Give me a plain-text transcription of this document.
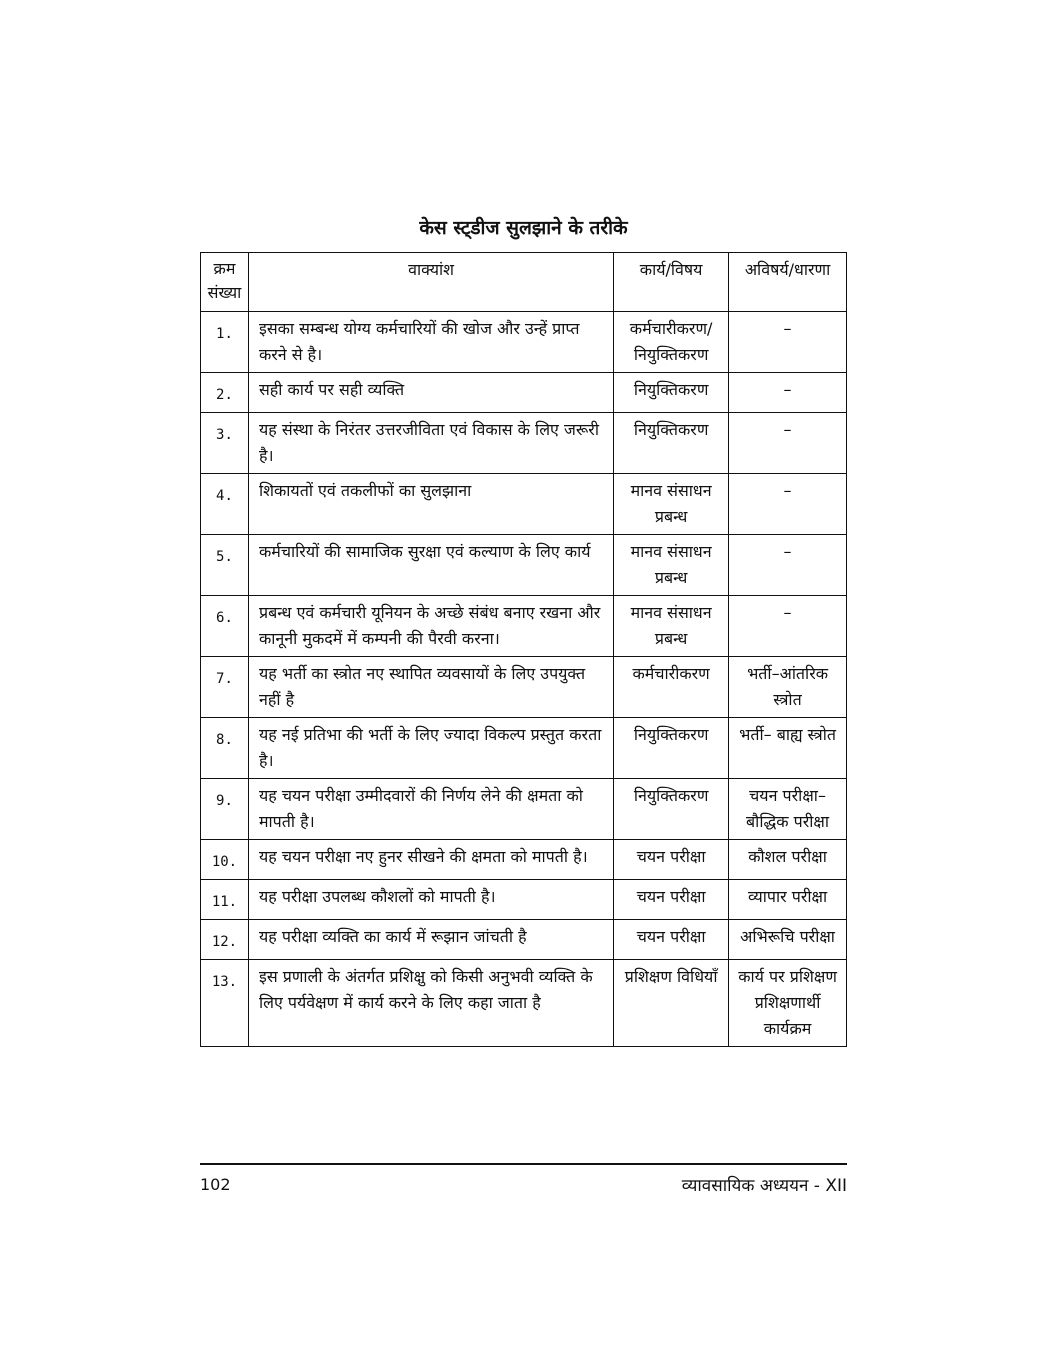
केस स्ट्डीज सुलझाने के तरीके
क्रम संख्या	वाक्यांश	कार्य/विषय	अविषर्य/धारणा
1.	इसका सम्बन्ध योग्य कर्मचारियों की खोज और उन्हें प्राप्त करने से है।	कर्मचारीकरण/ नियुक्तिकरण	–
2.	सही कार्य पर सही व्यक्ति	नियुक्तिकरण	–
3.	यह संस्था के निरंतर उत्तरजीविता एवं विकास के लिए जरूरी है।	नियुक्तिकरण	–
4.	शिकायतों एवं तकलीफों का सुलझाना	मानव संसाधन प्रबन्ध	–
5.	कर्मचारियों की सामाजिक सुरक्षा एवं कल्याण के लिए कार्य	मानव संसाधन प्रबन्ध	–
6.	प्रबन्ध एवं कर्मचारी यूनियन के अच्छे संबंध बनाए रखना और कानूनी मुकदमें में कम्पनी की पैरवी करना।	मानव संसाधन प्रबन्ध	–
7.	यह भर्ती का स्त्रोत नए स्थापित व्यवसायों के लिए उपयुक्त नहीं है	कर्मचारीकरण	भर्ती–आंतरिक स्त्रोत
8.	यह नई प्रतिभा की भर्ती के लिए ज्यादा विकल्प प्रस्तुत करता है।	नियुक्तिकरण	भर्ती– बाह्य स्त्रोत
9.	यह चयन परीक्षा उम्मीदवारों की निर्णय लेने की क्षमता को मापती है।	नियुक्तिकरण	चयन परीक्षा– बौद्धिक परीक्षा
10.	यह चयन परीक्षा नए हुनर सीखने की क्षमता को मापती है।	चयन परीक्षा	कौशल परीक्षा
11.	यह परीक्षा उपलब्ध कौशलों को मापती है।	चयन परीक्षा	व्यापार परीक्षा
12.	यह परीक्षा व्यक्ति का कार्य में रूझान जांचती है	चयन परीक्षा	अभिरूचि परीक्षा
13.	इस प्रणाली के अंतर्गत प्रशिक्षु को किसी अनुभवी व्यक्ति के लिए पर्यवेक्षण में कार्य करने के लिए कहा जाता है	प्रशिक्षण विधियाँ	कार्य पर प्रशिक्षण प्रशिक्षणार्थी कार्यक्रम
102	व्यावसायिक अध्ययन - XII
